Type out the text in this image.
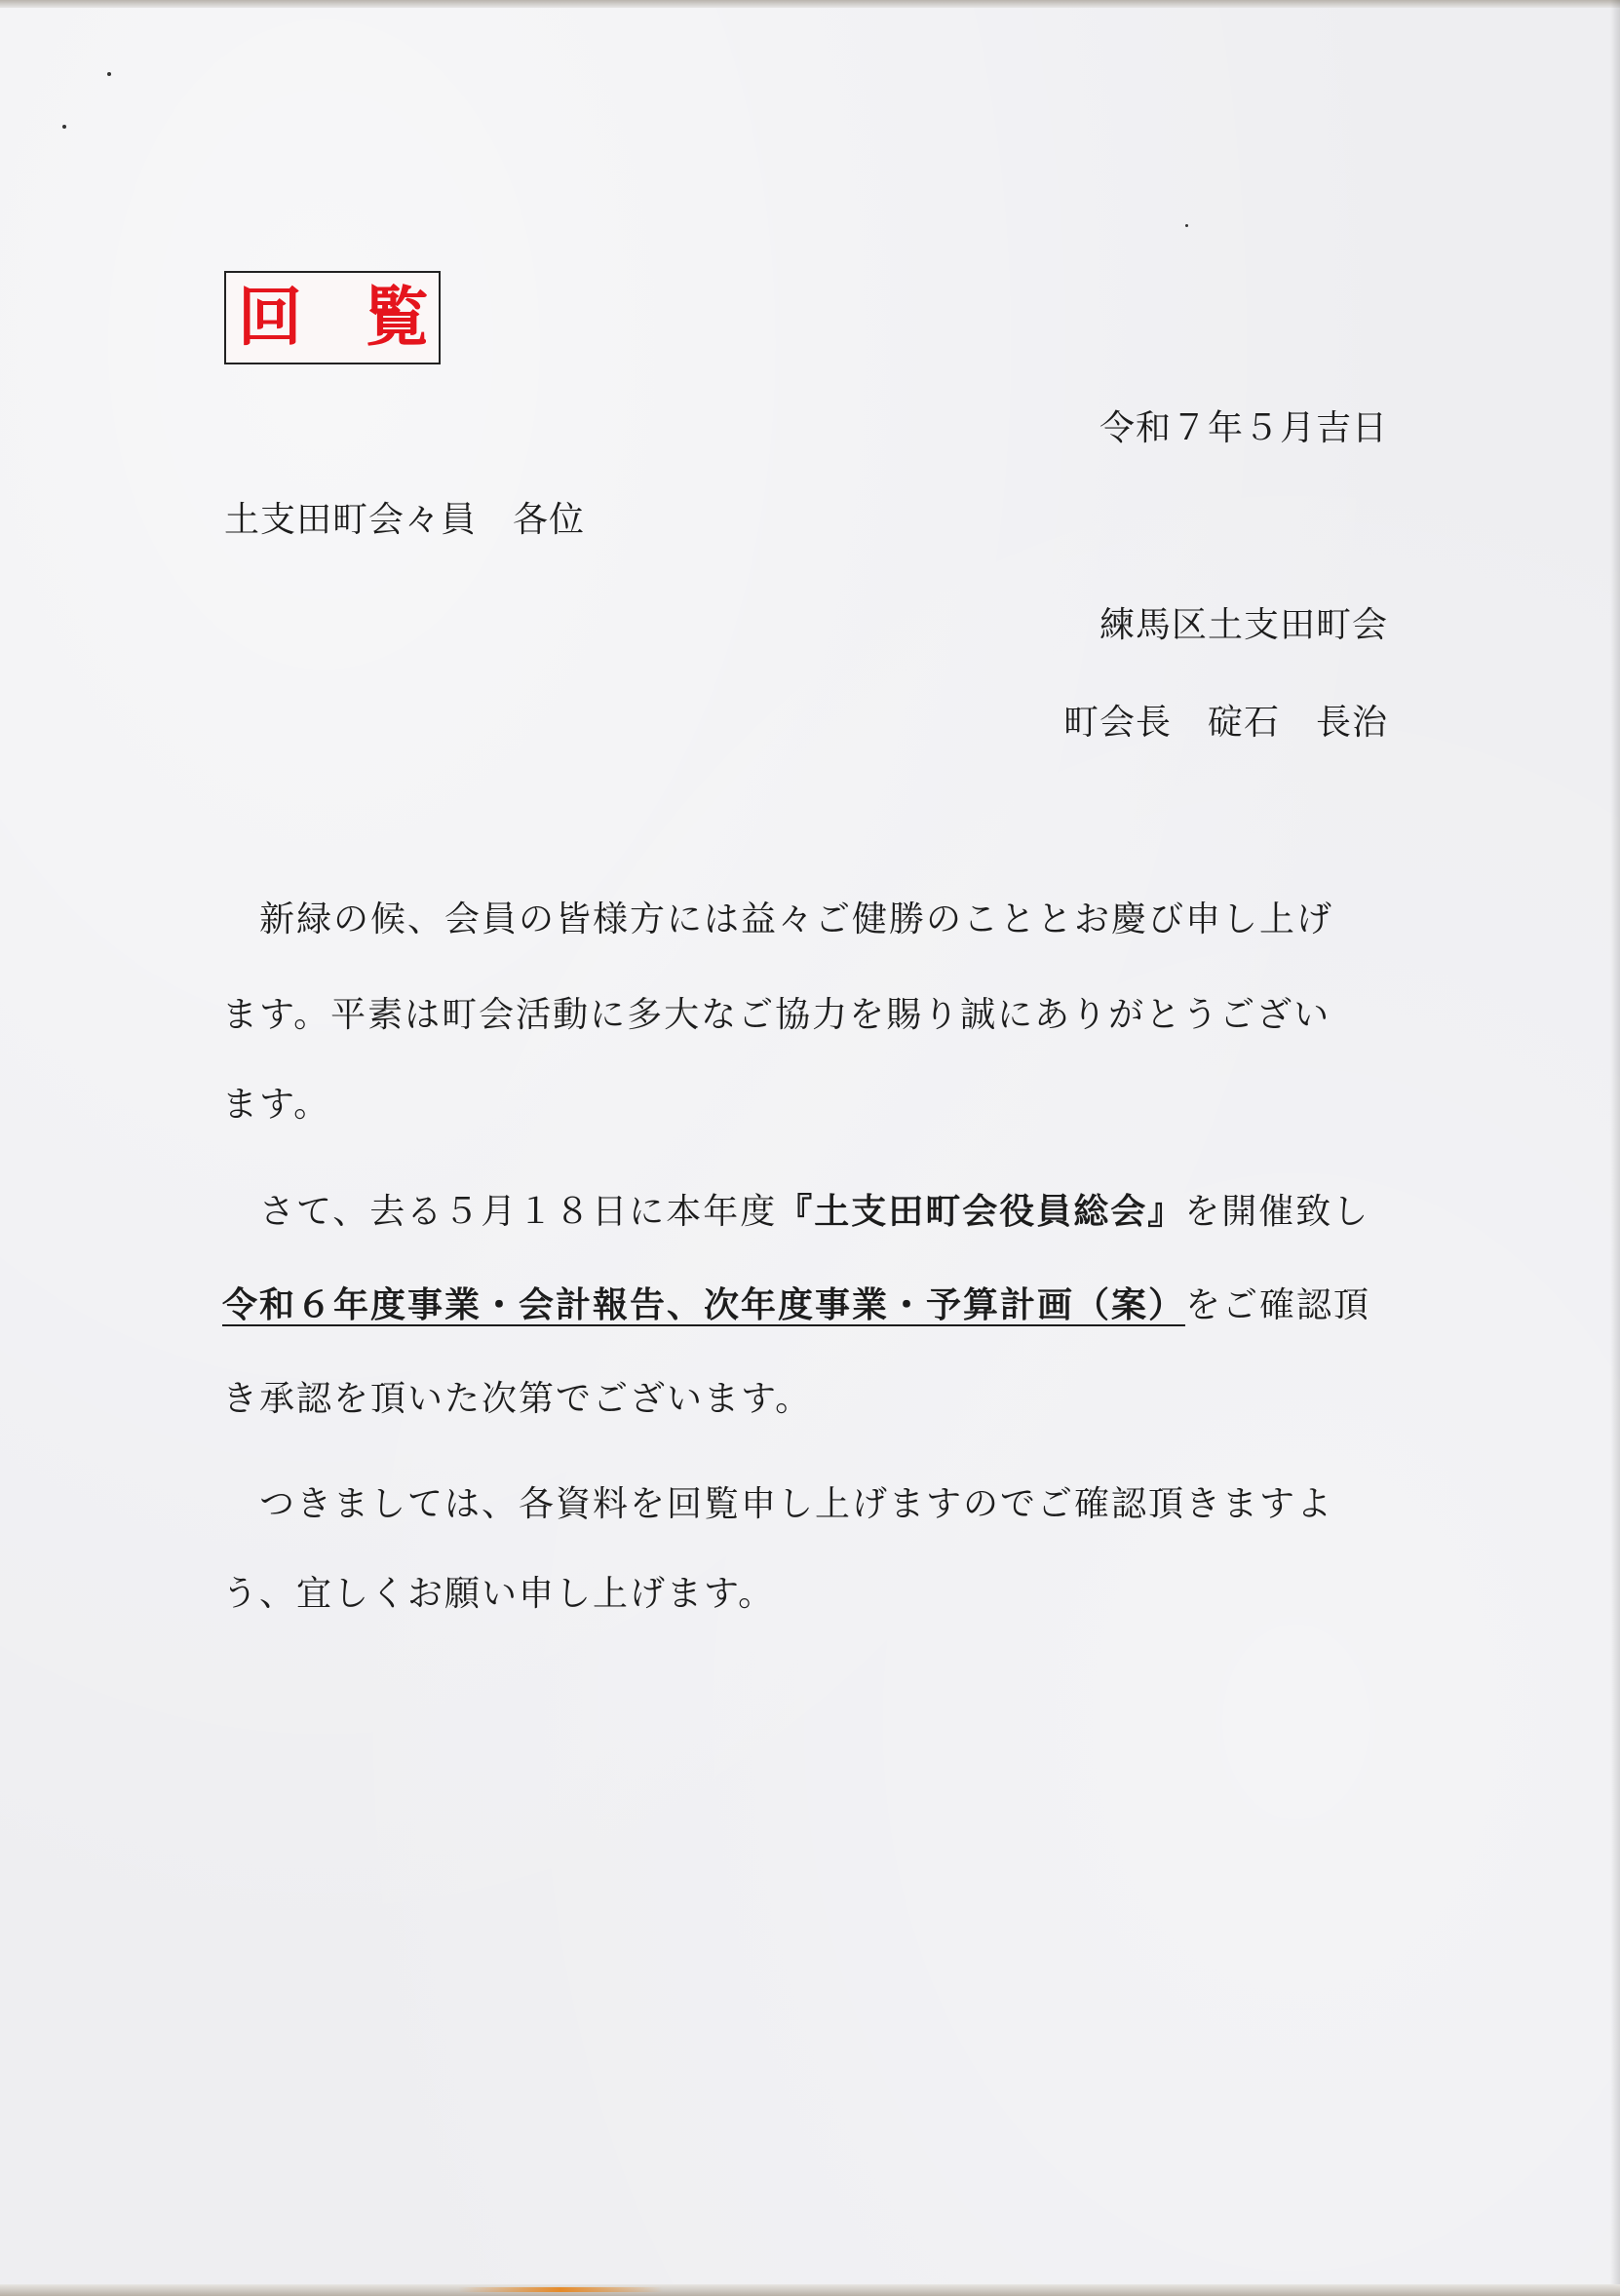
回 覧
令和７年５月吉日
土支田町会々員　各位
練馬区土支田町会
町会長　碇石　長治
　新緑の候、会員の皆様方には益々ご健勝のこととお慶び申し上げ
ます。平素は町会活動に多大なご協力を賜り誠にありがとうござい
ます。
　さて、去る５月１８日に本年度『土支田町会役員総会』を開催致し
令和６年度事業・会計報告、次年度事業・予算計画（案）をご確認頂
き承認を頂いた次第でございます。
　つきましては、各資料を回覧申し上げますのでご確認頂きますよ
う、宜しくお願い申し上げます。
